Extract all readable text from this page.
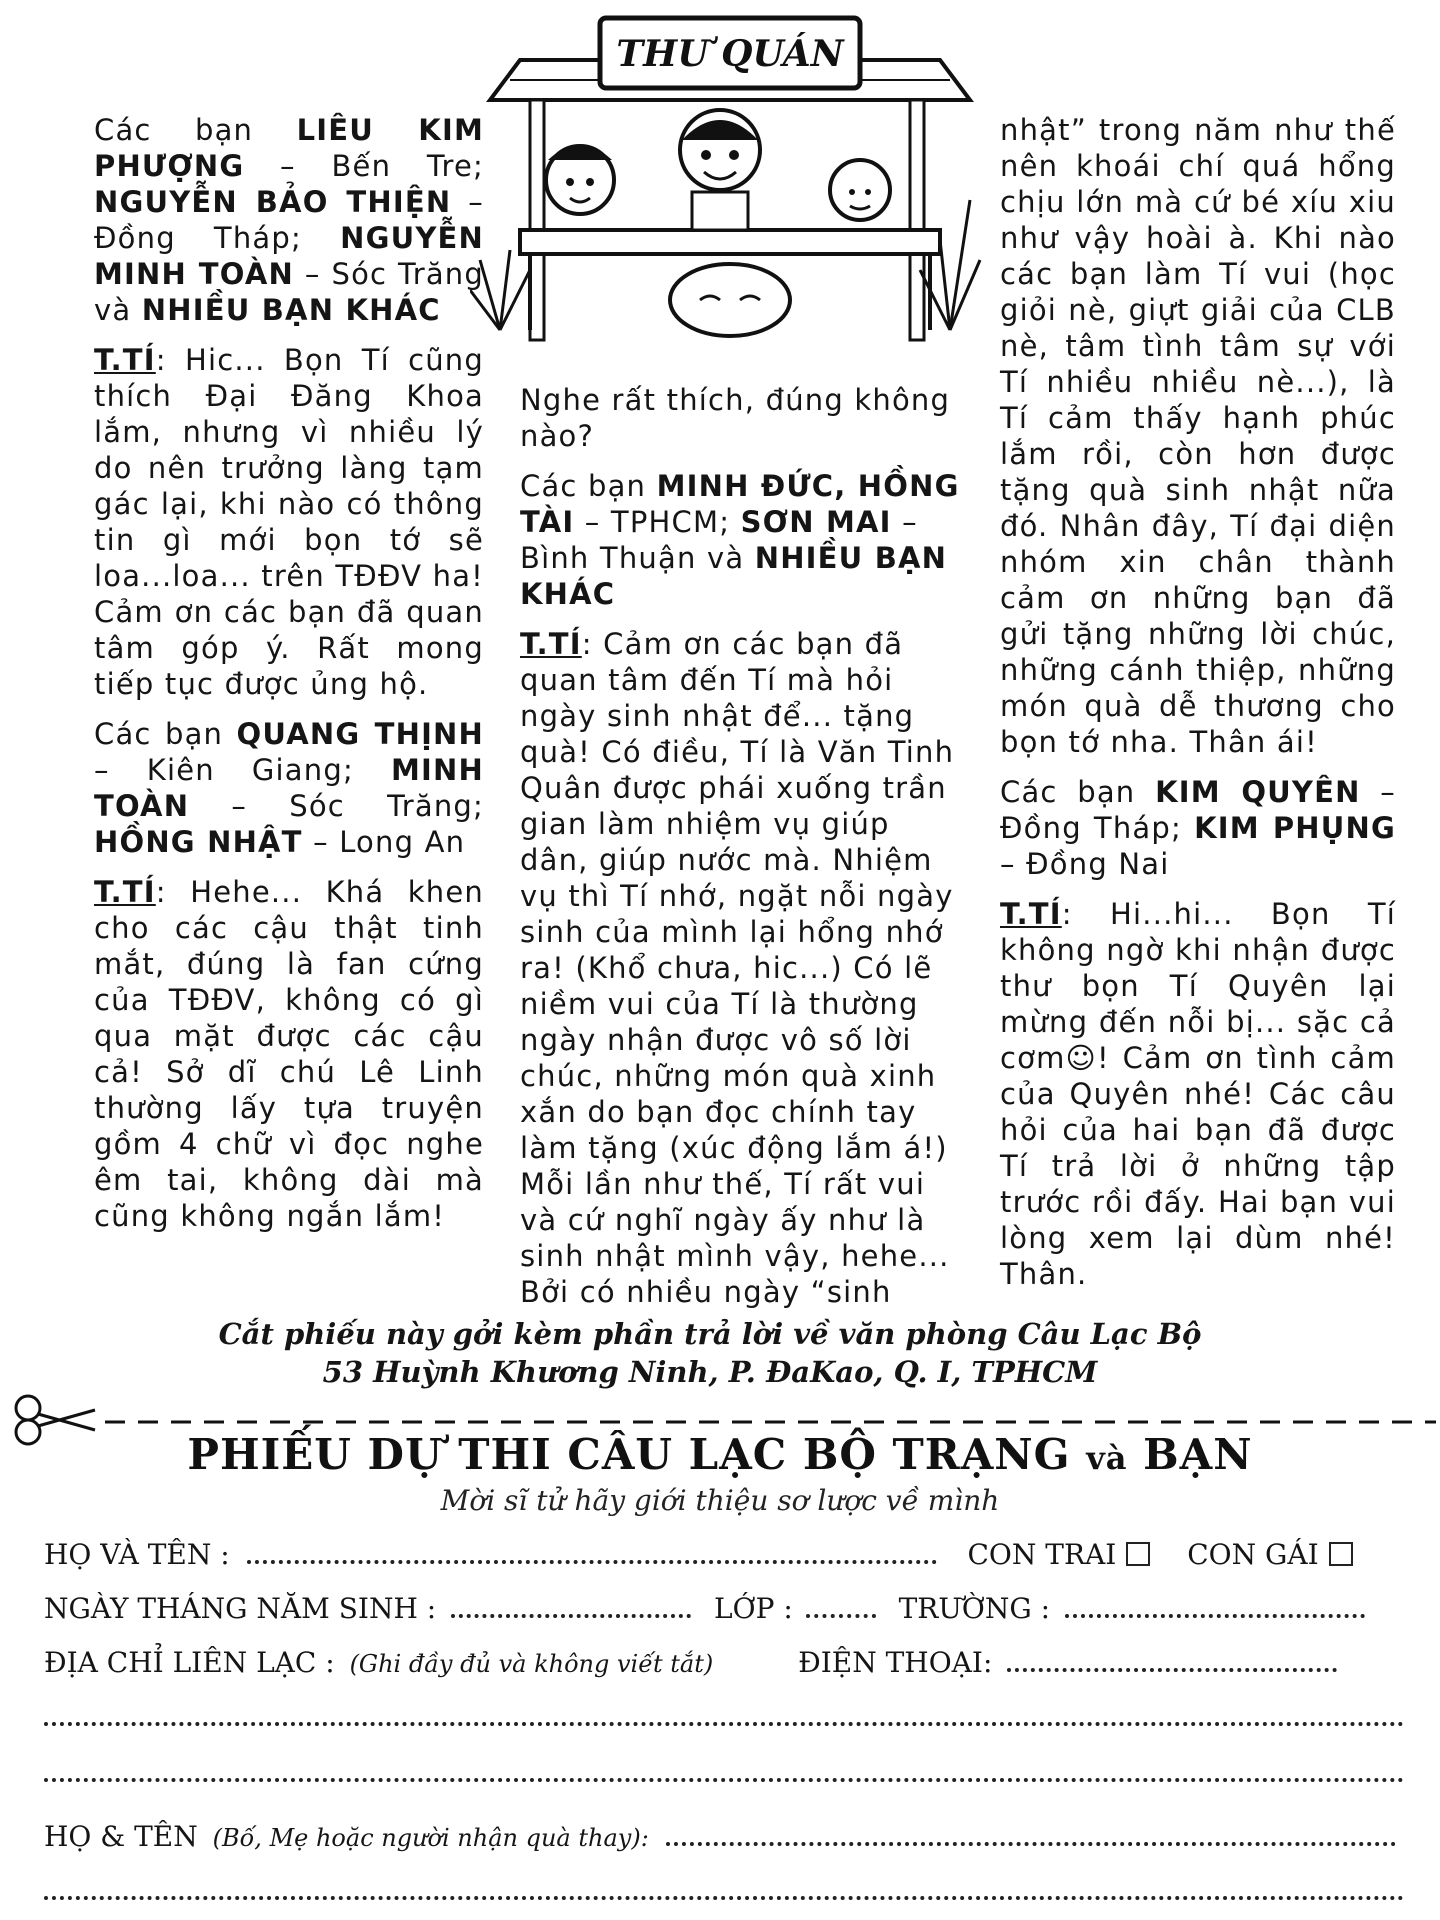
THƯ QUÁN

Các bạn LIÊU KIM PHƯỢNG – Bến Tre; NGUYỄN BẢO THIỆN – Đồng Tháp; NGUYỄN MINH TOÀN – Sóc Trăng và NHIỀU BẠN KHÁC

T.TÍ: Hic... Bọn Tí cũng thích Đại Đăng Khoa lắm, nhưng vì nhiều lý do nên trưởng làng tạm gác lại, khi nào có thông tin gì mới bọn tớ sẽ loa...loa... trên TĐĐV ha! Cảm ơn các bạn đã quan tâm góp ý. Rất mong tiếp tục được ủng hộ.

Các bạn QUANG THỊNH – Kiên Giang; MINH TOÀN – Sóc Trăng; HỒNG NHẬT – Long An

T.TÍ: Hehe... Khá khen cho các cậu thật tinh mắt, đúng là fan cứng của TĐĐV, không có gì qua mặt được các cậu cả! Sở dĩ chú Lê Linh thường lấy tựa truyện gồm 4 chữ vì đọc nghe êm tai, không dài mà cũng không ngắn lắm!

Nghe rất thích, đúng không nào?

Các bạn MINH ĐỨC, HỒNG TÀI – TPHCM; SƠN MAI – Bình Thuận và NHIỀU BẠN KHÁC

T.TÍ: Cảm ơn các bạn đã quan tâm đến Tí mà hỏi ngày sinh nhật để... tặng quà! Có điều, Tí là Văn Tinh Quân được phái xuống trần gian làm nhiệm vụ giúp dân, giúp nước mà. Nhiệm vụ thì Tí nhớ, ngặt nỗi ngày sinh của mình lại hổng nhớ ra! (Khổ chưa, hic...) Có lẽ niềm vui của Tí là thường ngày nhận được vô số lời chúc, những món quà xinh xắn do bạn đọc chính tay làm tặng (xúc động lắm á!) Mỗi lần như thế, Tí rất vui và cứ nghĩ ngày ấy như là sinh nhật mình vậy, hehe... Bởi có nhiều ngày “sinh

nhật” trong năm như thế nên khoái chí quá hổng chịu lớn mà cứ bé xíu xiu như vậy hoài à. Khi nào các bạn làm Tí vui (học giỏi nè, giựt giải của CLB nè, tâm tình tâm sự với Tí nhiều nhiều nè...), là Tí cảm thấy hạnh phúc lắm rồi, còn hơn được tặng quà sinh nhật nữa đó. Nhân đây, Tí đại diện nhóm xin chân thành cảm ơn những bạn đã gửi tặng những lời chúc, những cánh thiệp, những món quà dễ thương cho bọn tớ nha. Thân ái!

Các bạn KIM QUYÊN – Đồng Tháp; KIM PHỤNG – Đồng Nai

T.TÍ: Hi...hi... Bọn Tí không ngờ khi nhận được thư bọn Tí Quyên lại mừng đến nỗi bị... sặc cả cơm☺! Cảm ơn tình cảm của Quyên nhé! Các câu hỏi của hai bạn đã được Tí trả lời ở những tập trước rồi đấy. Hai bạn vui lòng xem lại dùm nhé! Thân.

Cắt phiếu này gởi kèm phần trả lời về văn phòng Câu Lạc Bộ
53 Huỳnh Khương Ninh, P. ĐaKao, Q. I, TPHCM
PHIẾU DỰ THI CÂU LẠC BỘ TRẠNG và BẠN
Mời sĩ tử hãy giới thiệu sơ lược về mình
HỌ VÀ TÊN :	CON TRAI	CON GÁI
NGÀY THÁNG NĂM SINH :	LỚP :	TRƯỜNG :
ĐỊA CHỈ LIÊN LẠC : (Ghi đầy đủ và không viết tắt)	ĐIỆN THOẠI:
HỌ & TÊN (Bố, Mẹ hoặc người nhận quà thay):
